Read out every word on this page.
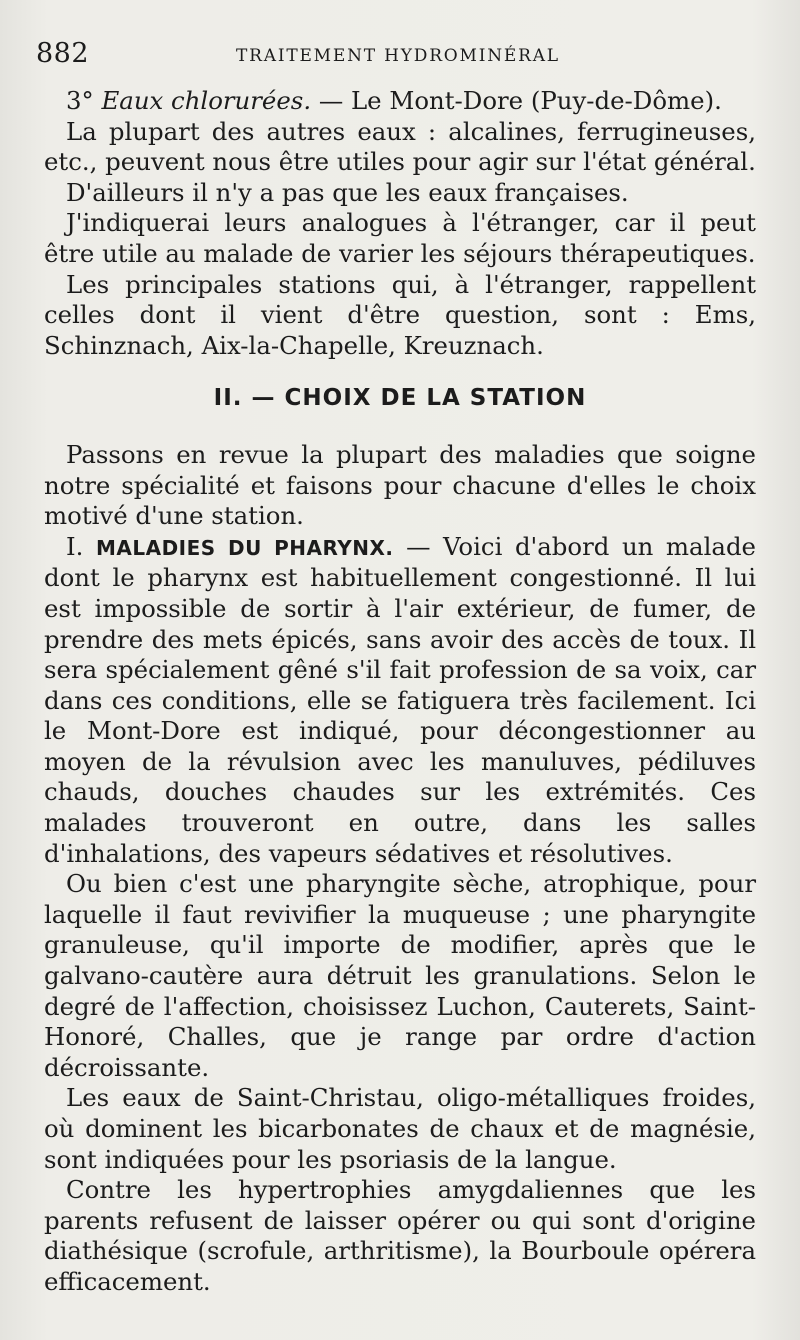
882	TRAITEMENT HYDROMINÉRAL

3° Eaux chlorurées. — Le Mont-Dore (Puy-de-Dôme).

La plupart des autres eaux : alcalines, ferrugineuses, etc., peuvent nous être utiles pour agir sur l'état général.

D'ailleurs il n'y a pas que les eaux françaises.

J'indiquerai leurs analogues à l'étranger, car il peut être utile au malade de varier les séjours thérapeutiques.

Les principales stations qui, à l'étranger, rappellent celles dont il vient d'être question, sont : Ems, Schinznach, Aix-la-Chapelle, Kreuznach.

II. — CHOIX DE LA STATION

Passons en revue la plupart des maladies que soigne notre spécialité et faisons pour chacune d'elles le choix motivé d'une station.

I. MALADIES DU PHARYNX. — Voici d'abord un malade dont le pharynx est habituellement congestionné. Il lui est impossible de sortir à l'air extérieur, de fumer, de prendre des mets épicés, sans avoir des accès de toux. Il sera spécialement gêné s'il fait profession de sa voix, car dans ces conditions, elle se fatiguera très facilement. Ici le Mont-Dore est indiqué, pour décongestionner au moyen de la révulsion avec les manuluves, pédiluves chauds, douches chaudes sur les extrémités. Ces malades trouveront en outre, dans les salles d'inhalations, des vapeurs sédatives et résolutives.

Ou bien c'est une pharyngite sèche, atrophique, pour laquelle il faut revivifier la muqueuse ; une pharyngite granuleuse, qu'il importe de modifier, après que le galvano-cautère aura détruit les granulations. Selon le degré de l'affection, choisissez Luchon, Cauterets, Saint-Honoré, Challes, que je range par ordre d'action décroissante.

Les eaux de Saint-Christau, oligo-métalliques froides, où dominent les bicarbonates de chaux et de magnésie, sont indiquées pour les psoriasis de la langue.

Contre les hypertrophies amygdaliennes que les parents refusent de laisser opérer ou qui sont d'origine diathésique (scrofule, arthritisme), la Bourboule opérera efficacement.
